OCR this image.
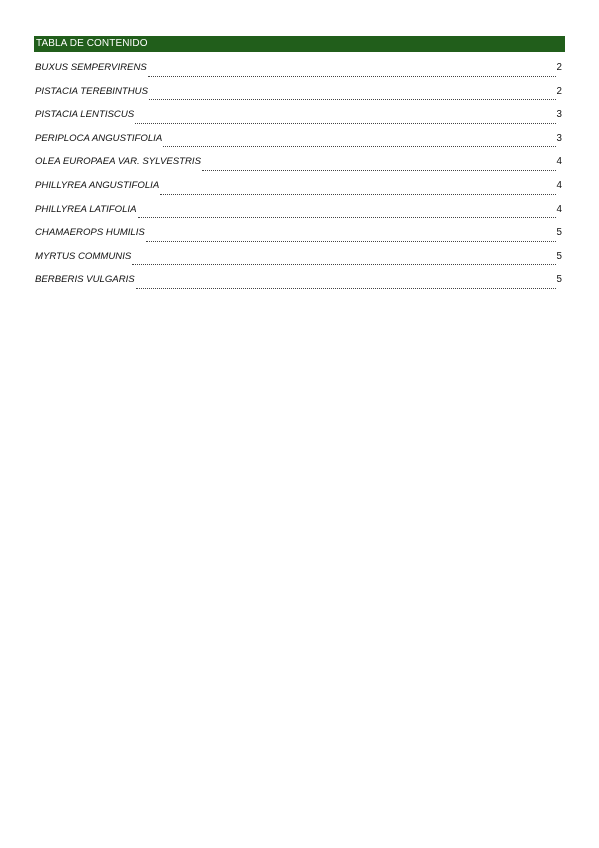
TABLA DE CONTENIDO
BUXUS SEMPERVIRENS	2
PISTACIA TEREBINTHUS	2
PISTACIA LENTISCUS	3
PERIPLOCA ANGUSTIFOLIA	3
OLEA EUROPAEA VAR. SYLVESTRIS	4
PHILLYREA ANGUSTIFOLIA	4
PHILLYREA LATIFOLIA	4
CHAMAEROPS HUMILIS	5
MYRTUS COMMUNIS	5
BERBERIS VULGARIS	5
